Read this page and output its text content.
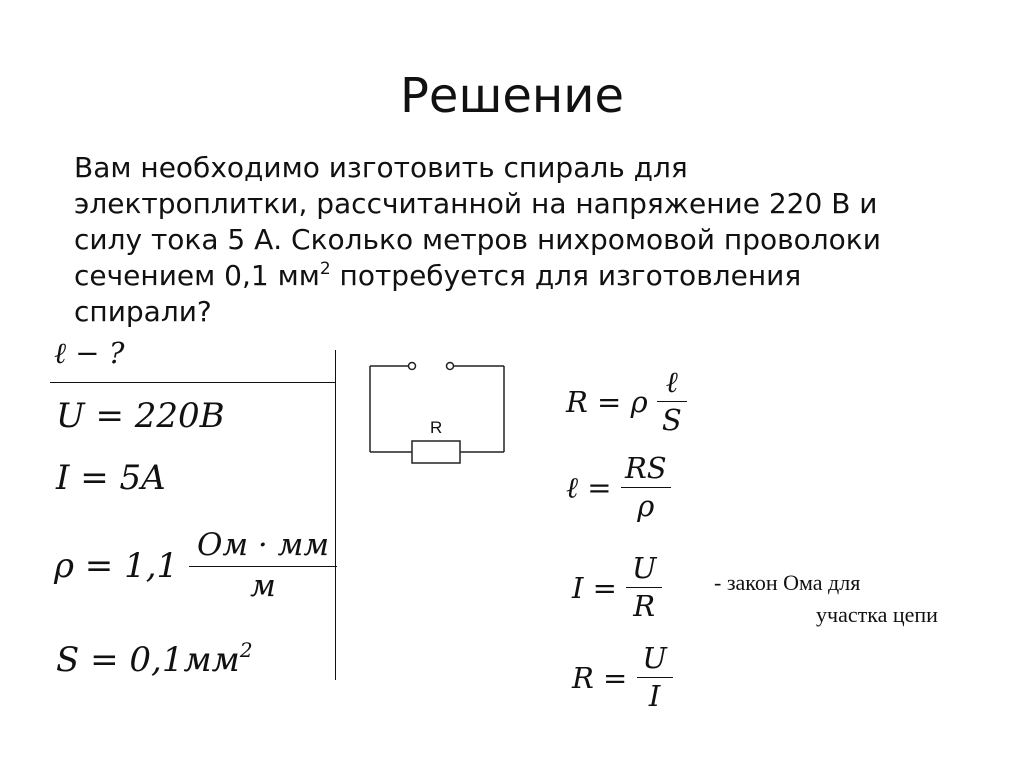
Решение
Вам необходимо изготовить спираль для
электроплитки, рассчитанной на напряжение 220 В и
силу тока 5 А. Сколько метров нихромовой проволоки
сечением 0,1 $мм^2$ потребуется для изготовления
спирали?
ℓ − ?
U = 220B
I = 5A
$\rho = 1,1 \frac{Ом \cdot мм}{м}$
$S = 0,1мм^2$
R
R = ρ $\frac{\text{ℓ}}{S}$
ℓ = $\frac{RS}{\rho}$
$I = \frac{U}{R}$
$R = \frac{U}{I}$
- закон Ома для
участка цепи
